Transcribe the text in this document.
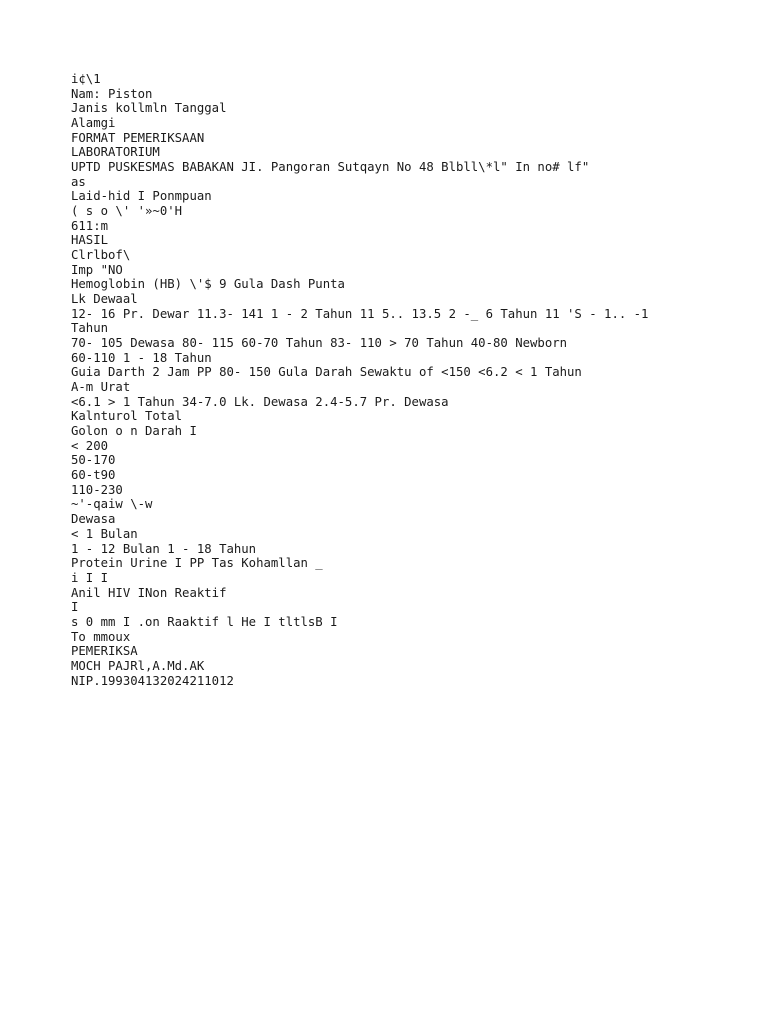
i¢\1
Nam: Piston
Janis kollmln Tanggal
Alamgi
FORMAT PEMERIKSAAN
LABORATORIUM
UPTD PUSKESMAS BABAKAN JI. Pangoran Sutqayn No 48 Blbll\*l" In no# lf"
as
Laid-hid I Ponmpuan
( s o \' '»~0'H
611:m
HASIL
Clrlbof\
Imp "NO
Hemoglobin (HB) \'$ 9 Gula Dash Punta
Lk Dewaal
12- 16 Pr. Dewar 11.3- 141 1 - 2 Tahun 11 5.. 13.5 2 -_ 6 Tahun 11 'S - 1.. -1
Tahun
70- 105 Dewasa 80- 115 60-70 Tahun 83- 110 > 70 Tahun 40-80 Newborn
60-110 1 - 18 Tahun
Guia Darth 2 Jam PP 80- 150 Gula Darah Sewaktu of <150 <6.2 < 1 Tahun
A-m Urat
<6.1 > 1 Tahun 34-7.0 Lk. Dewasa 2.4-5.7 Pr. Dewasa
Kalnturol Total
Golon o n Darah I
< 200
50-170
60-t90
110-230
~'-qaiw \-w
Dewasa
< 1 Bulan
1 - 12 Bulan 1 - 18 Tahun
Protein Urine I PP Tas Kohamllan _
i I I
Anil HIV INon Reaktif
I
s 0 mm I .on Raaktif l He I tltlsB I
To mmoux
PEMERIKSA
MOCH PAJRl,A.Md.AK
NIP.199304132024211012
